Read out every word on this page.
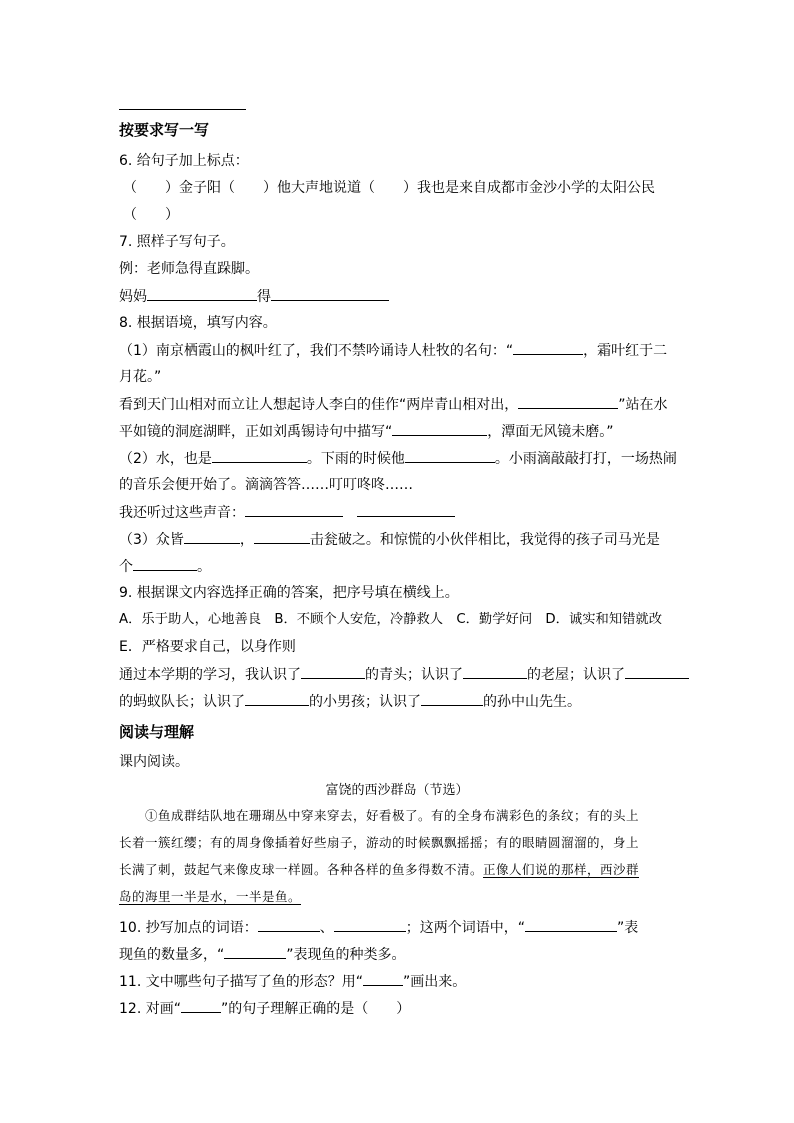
按要求写一写
6. 给句子加上标点：
（　　）金子阳（　　）他大声地说道（　　）我也是来自成都市金沙小学的太阳公民
（　　）
7. 照样子写句子。
例：老师急得直跺脚。
妈妈	得
8. 根据语境，填写内容。
（1）南京栖霞山的枫叶红了，我们不禁吟诵诗人杜牧的名句：“	，霜叶红于二
月花。”
看到天门山相对而立让人想起诗人李白的佳作“两岸青山相对出，	”站在水
平如镜的洞庭湖畔，正如刘禹锡诗句中描写“	，潭面无风镜未磨。”
（2）水，也是	。下雨的时候他	。小雨滴敲敲打打，一场热闹
的音乐会便开始了。滴滴答答……叮叮咚咚……
我还听过这些声音：
（3）众皆	，	击瓮破之。和惊慌的小伙伴相比，我觉得的孩子司马光是
个	。
9. 根据课文内容选择正确的答案，把序号填在横线上。
A．乐于助人，心地善良　B．不顾个人安危，冷静救人　C．勤学好问　D．诚实和知错就改
E．严格要求自己，以身作则
通过本学期的学习，我认识了	的青头；认识了	的老屋；认识了
的蚂蚁队长；认识了	的小男孩；认识了	的孙中山先生。
阅读与理解
课内阅读。
富饶的西沙群岛（节选）
　　①鱼成群结队地在珊瑚丛中穿来穿去，好看极了。有的全身布满彩色的条纹；有的头上
长着一簇红缨；有的周身像插着好些扇子，游动的时候飘飘摇摇；有的眼睛圆溜溜的，身上
长满了刺，鼓起气来像皮球一样圆。各种各样的鱼多得数不清。正像人们说的那样，西沙群
岛的海里一半是水，一半是鱼。
10. 抄写加点的词语：	、	；这两个词语中，“	”表
现鱼的数量多，“	”表现鱼的种类多。
11. 文中哪些句子描写了鱼的形态？用“	”画出来。
12. 对画“	”的句子理解正确的是（　　）
